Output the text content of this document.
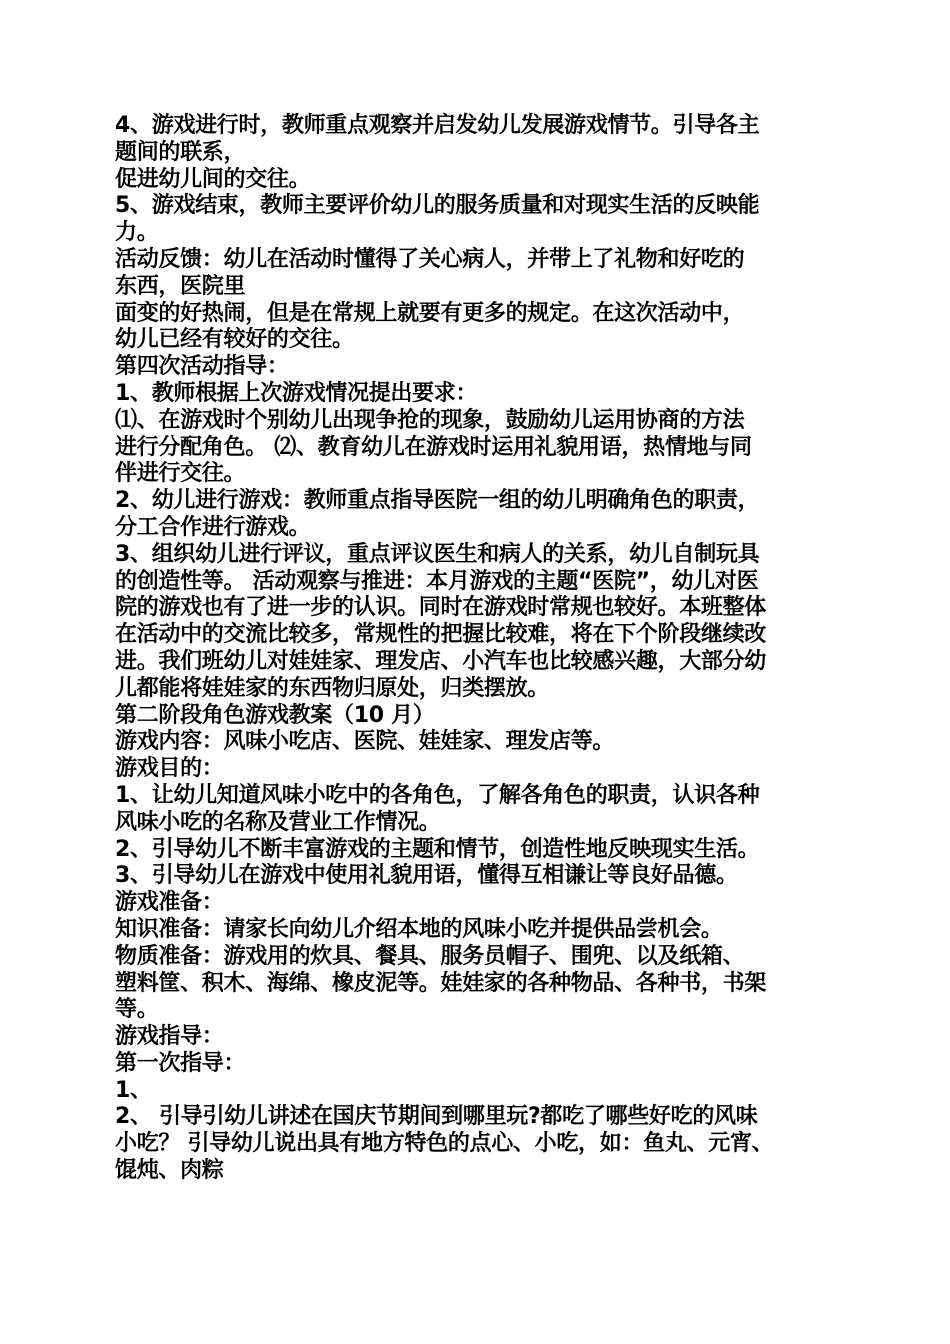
4、游戏进行时，教师重点观察并启发幼儿发展游戏情节。引导各主
题间的联系，
促进幼儿间的交往。
5、游戏结束，教师主要评价幼儿的服务质量和对现实生活的反映能
力。
活动反馈：幼儿在活动时懂得了关心病人，并带上了礼物和好吃的
东西，医院里
面变的好热闹，但是在常规上就要有更多的规定。在这次活动中，
幼儿已经有较好的交往。
第四次活动指导：
1、教师根据上次游戏情况提出要求：
⑴、在游戏时个别幼儿出现争抢的现象，鼓励幼儿运用协商的方法
进行分配角色。 ⑵、教育幼儿在游戏时运用礼貌用语，热情地与同
伴进行交往。
2、幼儿进行游戏：教师重点指导医院一组的幼儿明确角色的职责，
分工合作进行游戏。
3、组织幼儿进行评议，重点评议医生和病人的关系，幼儿自制玩具
的创造性等。 活动观察与推进：本月游戏的主题“医院”，幼儿对医
院的游戏也有了进一步的认识。同时在游戏时常规也较好。本班整体
在活动中的交流比较多，常规性的把握比较难，将在下个阶段继续改
进。我们班幼儿对娃娃家、理发店、小汽车也比较感兴趣，大部分幼
儿都能将娃娃家的东西物归原处，归类摆放。
第二阶段角色游戏教案（10 月）
游戏内容：风味小吃店、医院、娃娃家、理发店等。
游戏目的：
1、让幼儿知道风味小吃中的各角色，了解各角色的职责，认识各种
风味小吃的名称及营业工作情况。
2、引导幼儿不断丰富游戏的主题和情节，创造性地反映现实生活。
3、引导幼儿在游戏中使用礼貌用语，懂得互相谦让等良好品德。
游戏准备：
知识准备：请家长向幼儿介绍本地的风味小吃并提供品尝机会。
物质准备：游戏用的炊具、餐具、服务员帽子、围兜、以及纸箱、
塑料筐、积木、海绵、橡皮泥等。娃娃家的各种物品、各种书，书架
等。
游戏指导：
第一次指导：
1、
2、 引导引幼儿讲述在国庆节期间到哪里玩?都吃了哪些好吃的风味
小吃？ 引导幼儿说出具有地方特色的点心、小吃，如：鱼丸、元宵、
馄炖、肉粽
